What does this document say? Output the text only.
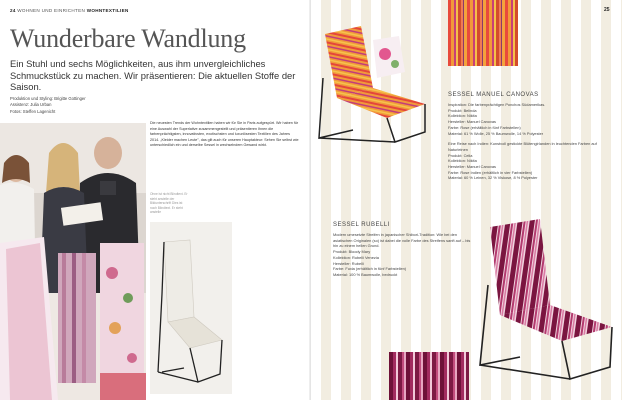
24 WOHNEN UND EINRICHTEN WOHNTEXTILIEN
Wunderbare Wandlung

Ein Stuhl und sechs Möglichkeiten, aus ihm unvergleichliches Schmuckstück zu machen. Wir präsentieren: Die aktuellen Stoffe der Saison.

Produktion und Styling: Brigitte Gottinger
Assistenz: Julia Urban
Fotos: Steffen Lagenicht
Die neuesten Trends der Wohntextilien haben wir für Sie in Paris aufgespürt. Wir haben für eine Auswahl der Superlative zusammengestellt und präsentieren Ihnen die farbenprächtigsten, innovativsten, exotischsten und luxuriösesten Textilien des Jahres 2014. „Kleider machen Leute", das gilt auch für unseren Hauptakteur: Sehen Sie selbst wie unterschiedlich ein und derselbe Sessel in wechselndem Gewand wirkt.
Ohne ist nicht Blindtext. Er steht anstelle der Bildunterschrift Dies ist noch Blindtext. Er steht anstelle
25
SESSEL MANUEL CANOVAS
Inspiration: Die farbenprächtigen Ponchos Südamerikas.
Produkt: Belinda
Kollektion: Nikita
Hersteller: Manuel Canovas
Farbe: Rose (erhältlich in fünf Farbstellen)
Material: 61 % Wolle, 25 % Baumwolle, 14 % Polyester
Eine Reise nach Indien: Kunstvoll gestickte Blütengirlanden in leuchtenden Farben auf Naturleinen
Produkt: Celia
Kollektion: Nikita
Hersteller: Manuel Canovas
Farbe: Rose Indien (erhältlich in vier Farbstellen)
Material: 60 % Leinen, 32 % Viskose, 8 % Polyester
SESSEL RUBELLI
Modern umesetzte Streifen in japanischer Shibori-Tradition: Wie bei den asiatischen Originalen (so) ist dabei die volle Farbe des Streifens sanft auf – bis hin zu einem hellen Grund.
Produkt: Bloody Mary
Kollektion: Rubelli Venezia
Hersteller: Rubelli
Farbe: Fuxia (erhältlich in fünf Farbstellen)
Material: 100 % Baumwolle, bedruckt
